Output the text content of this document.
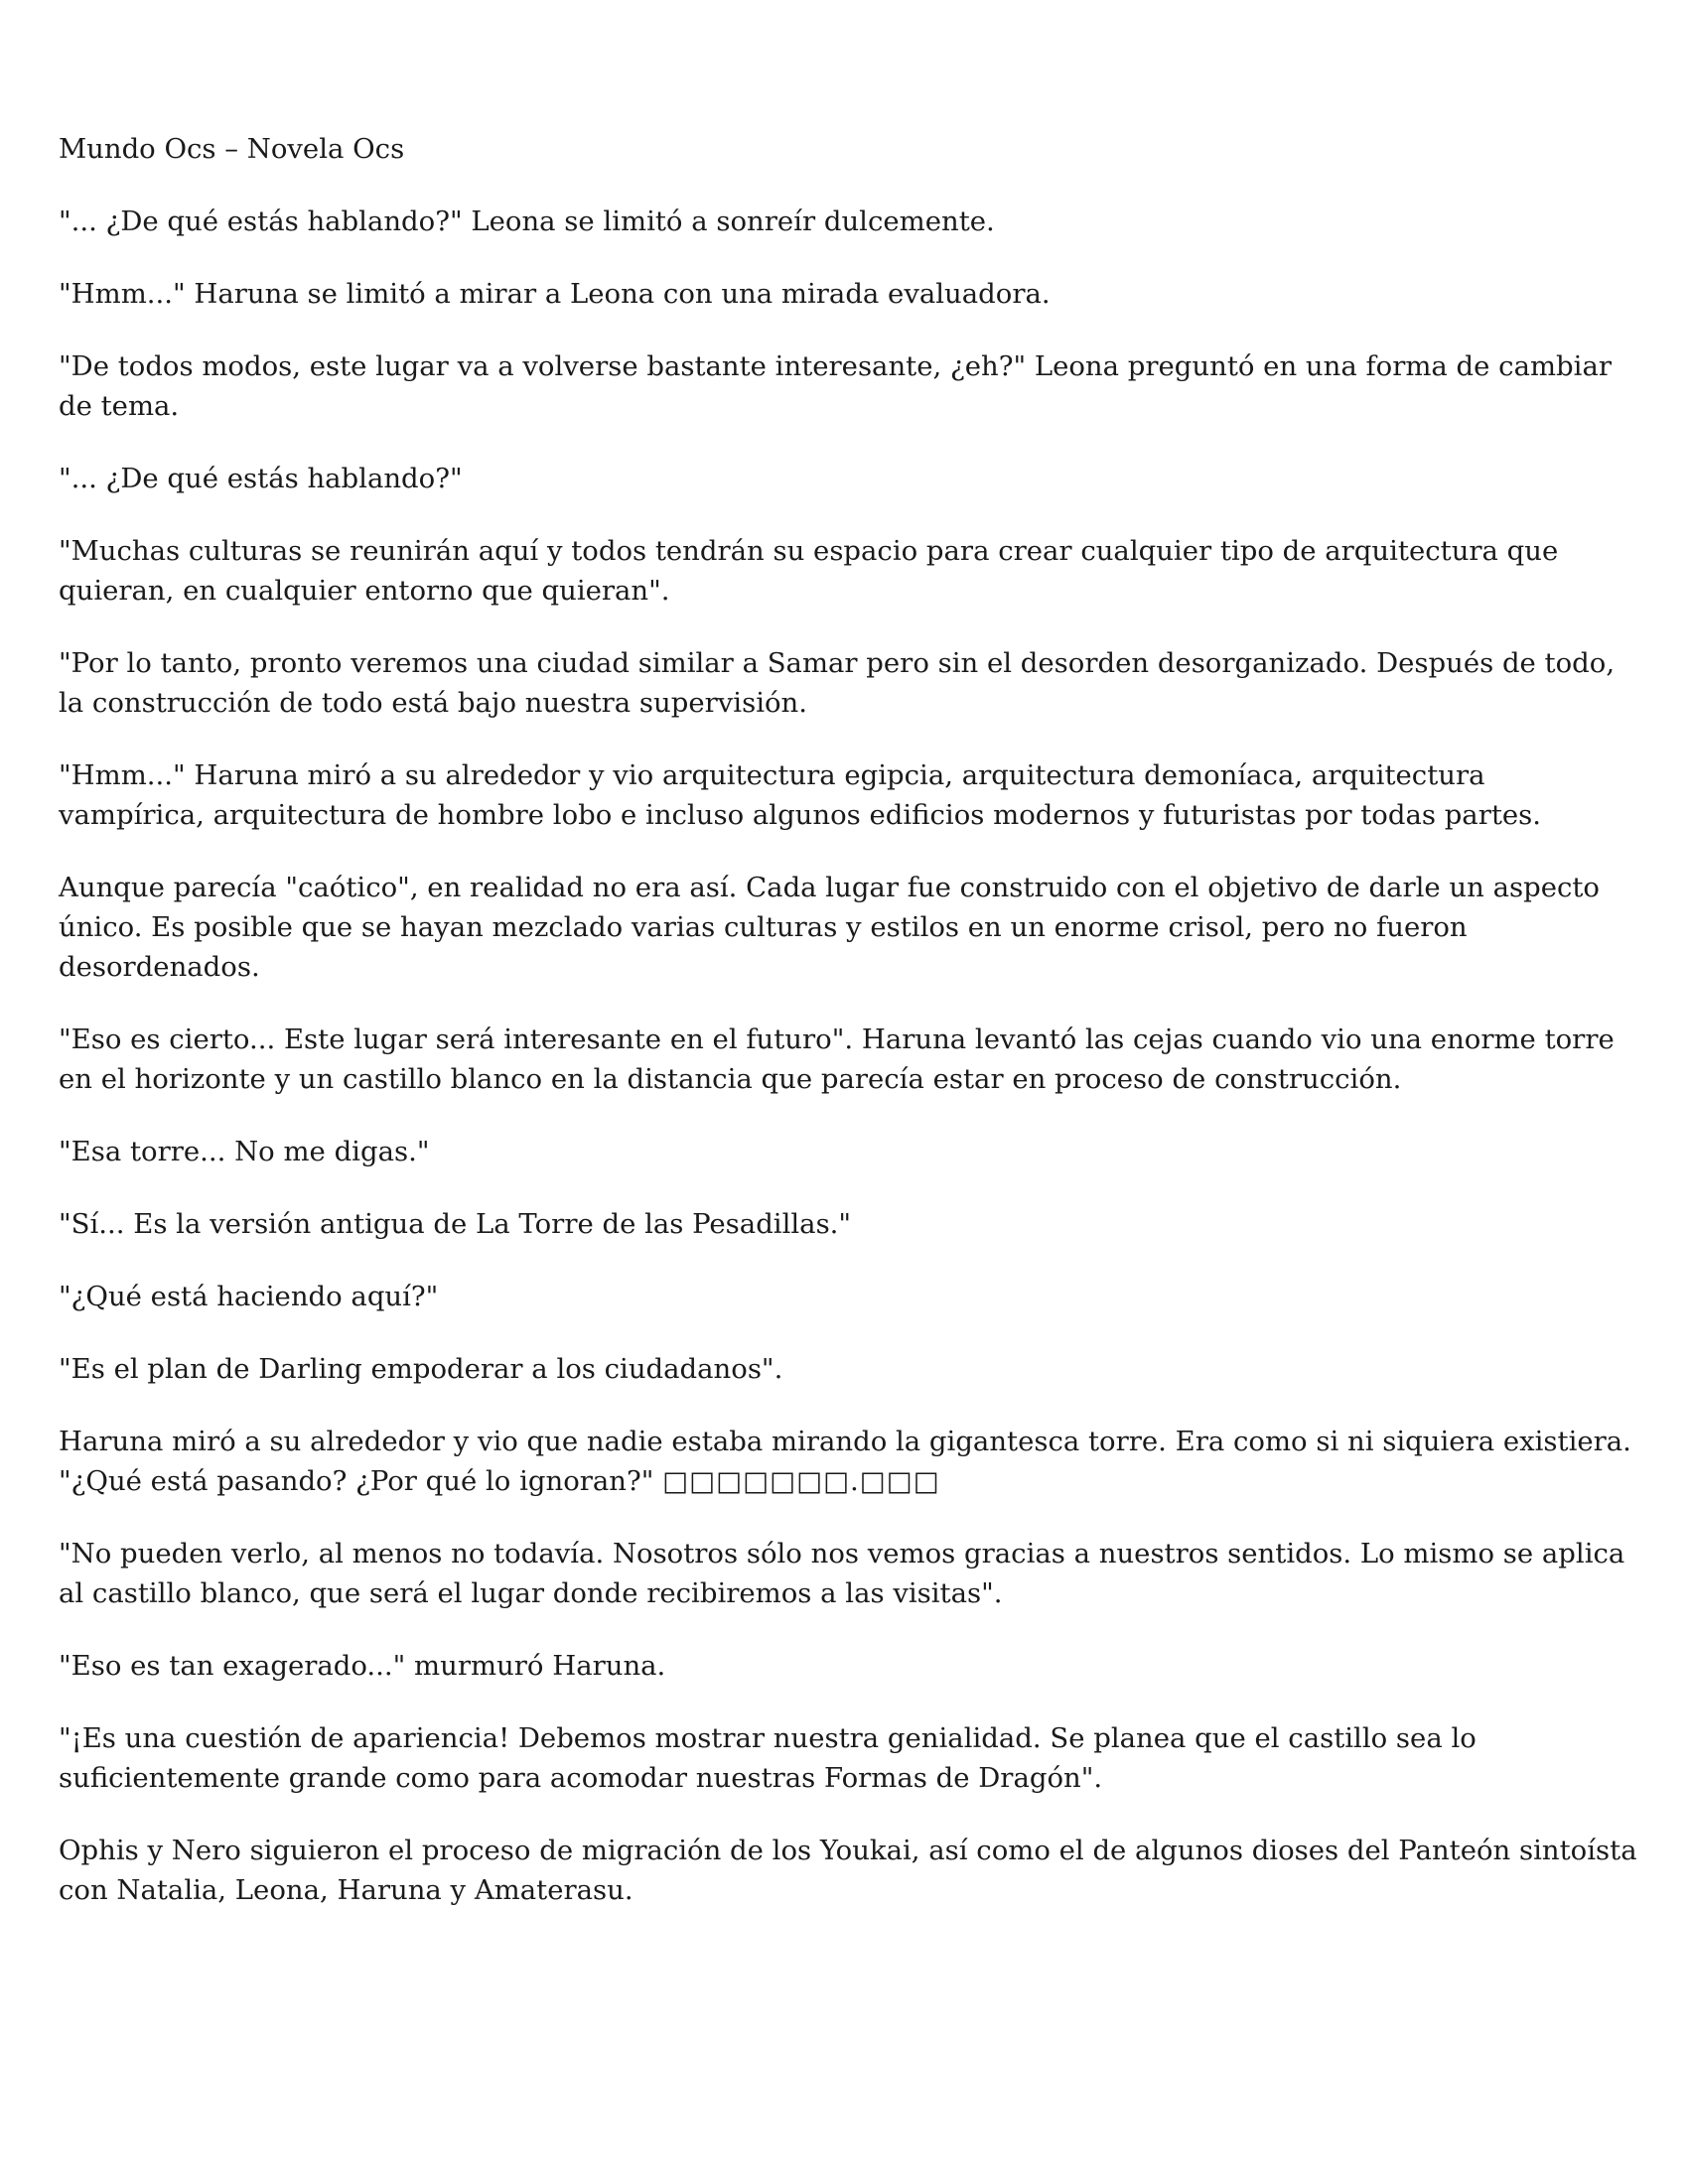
Mundo Ocs – Novela Ocs

"... ¿De qué estás hablando?" Leona se limitó a sonreír dulcemente.

"Hmm..." Haruna se limitó a mirar a Leona con una mirada evaluadora.

"De todos modos, este lugar va a volverse bastante interesante, ¿eh?" Leona preguntó en una forma de cambiar de tema.

"... ¿De qué estás hablando?"

"Muchas culturas se reunirán aquí y todos tendrán su espacio para crear cualquier tipo de arquitectura que quieran, en cualquier entorno que quieran".

"Por lo tanto, pronto veremos una ciudad similar a Samar pero sin el desorden desorganizado. Después de todo, la construcción de todo está bajo nuestra supervisión.

"Hmm..." Haruna miró a su alrededor y vio arquitectura egipcia, arquitectura demoníaca, arquitectura vampírica, arquitectura de hombre lobo e incluso algunos edificios modernos y futuristas por todas partes.

Aunque parecía "caótico", en realidad no era así. Cada lugar fue construido con el objetivo de darle un aspecto único. Es posible que se hayan mezclado varias culturas y estilos en un enorme crisol, pero no fueron desordenados.

"Eso es cierto... Este lugar será interesante en el futuro". Haruna levantó las cejas cuando vio una enorme torre en el horizonte y un castillo blanco en la distancia que parecía estar en proceso de construcción.

"Esa torre... No me digas."

"Sí... Es la versión antigua de La Torre de las Pesadillas."

"¿Qué está haciendo aquí?"

"Es el plan de Darling empoderar a los ciudadanos".

Haruna miró a su alrededor y vio que nadie estaba mirando la gigantesca torre. Era como si ni siquiera existiera. "¿Qué está pasando? ¿Por qué lo ignoran?" □□□□□□□.□□□

"No pueden verlo, al menos no todavía. Nosotros sólo nos vemos gracias a nuestros sentidos. Lo mismo se aplica al castillo blanco, que será el lugar donde recibiremos a las visitas".

"Eso es tan exagerado..." murmuró Haruna.

"¡Es una cuestión de apariencia! Debemos mostrar nuestra genialidad. Se planea que el castillo sea lo suficientemente grande como para acomodar nuestras Formas de Dragón".

Ophis y Nero siguieron el proceso de migración de los Youkai, así como el de algunos dioses del Panteón sintoísta con Natalia, Leona, Haruna y Amaterasu.
